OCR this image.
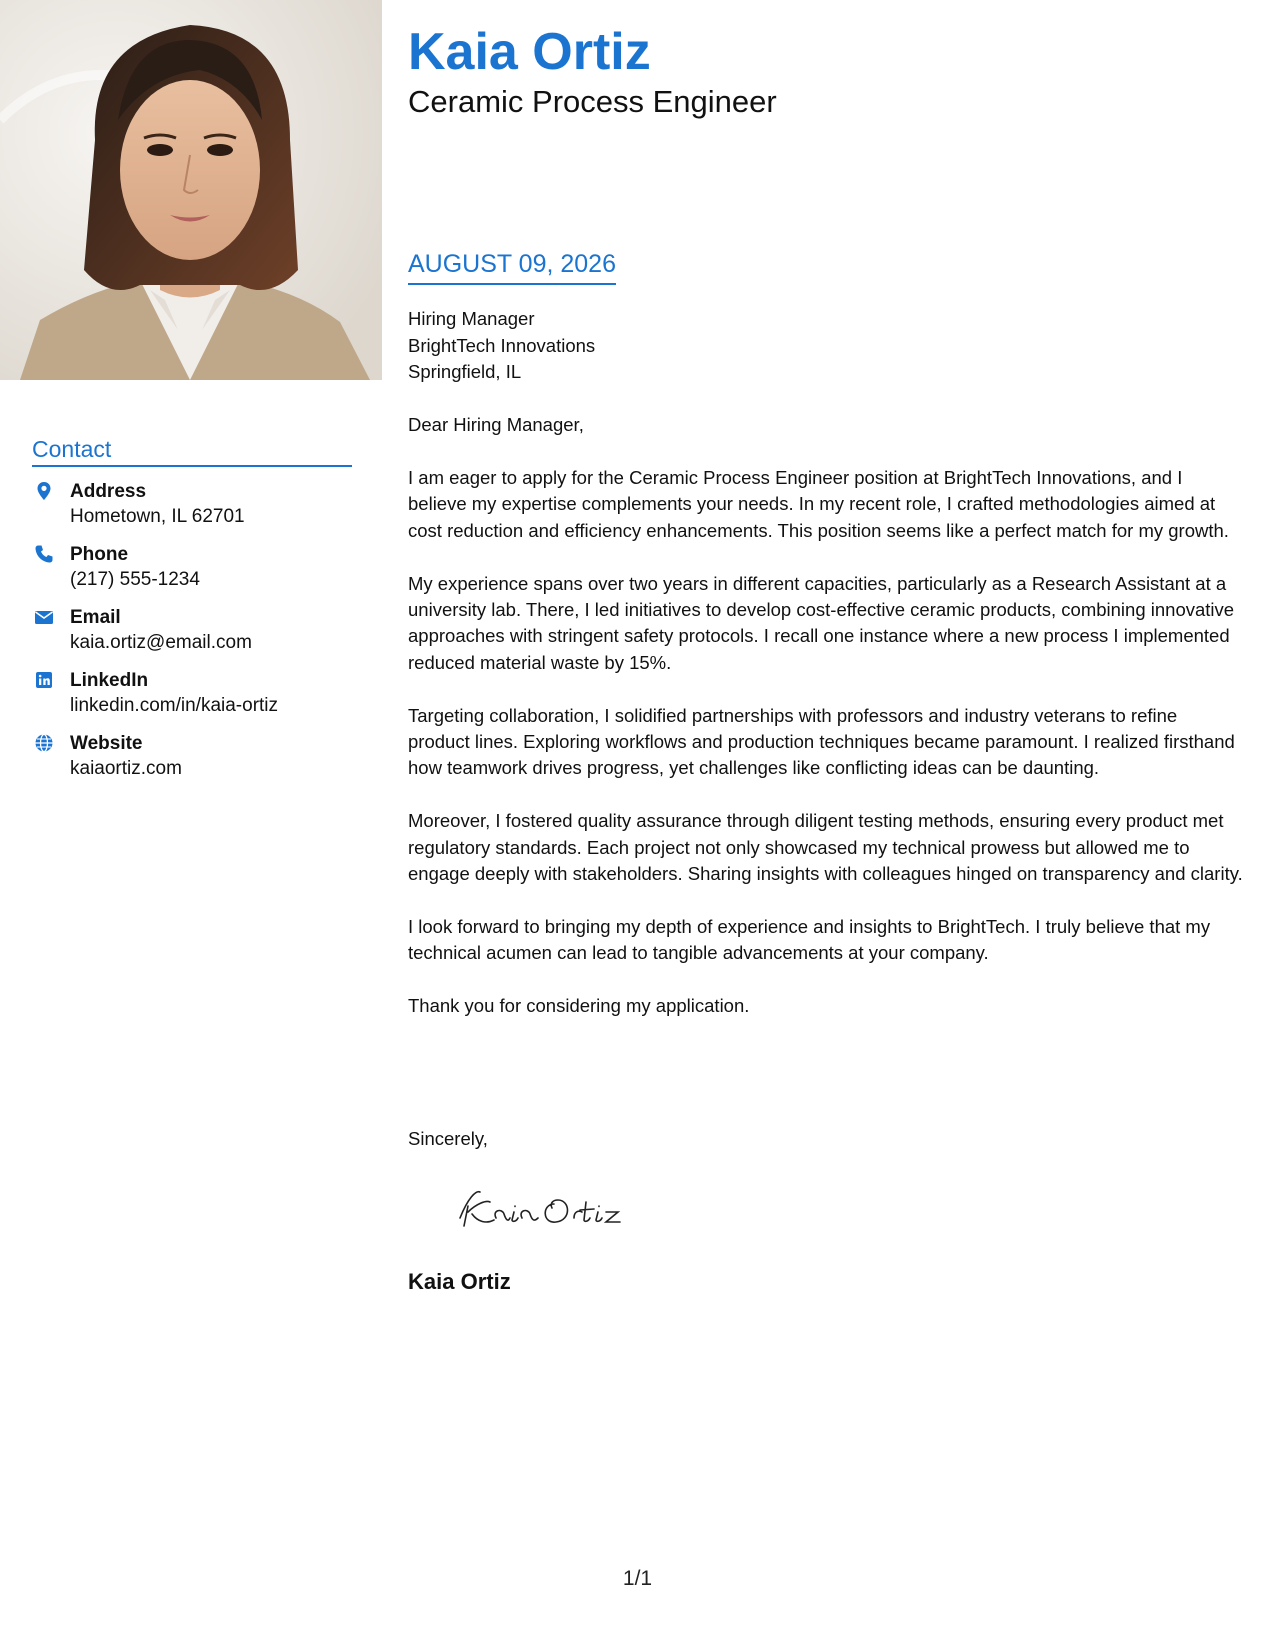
Contact
Address
Hometown, IL 62701
Phone
(217) 555-1234
Email
kaia.ortiz@email.com
LinkedIn
linkedin.com/in/kaia-ortiz
Website
kaiaortiz.com
Kaia Ortiz
Ceramic Process Engineer
AUGUST 09, 2026
Hiring Manager
BrightTech Innovations
Springfield, IL
Dear Hiring Manager,

I am eager to apply for the Ceramic Process Engineer position at BrightTech Innovations, and I believe my expertise complements your needs. In my recent role, I crafted methodologies aimed at cost reduction and efficiency enhancements. This position seems like a perfect match for my growth.

My experience spans over two years in different capacities, particularly as a Research Assistant at a university lab. There, I led initiatives to develop cost-effective ceramic products, combining innovative approaches with stringent safety protocols. I recall one instance where a new process I implemented reduced material waste by 15%.

Targeting collaboration, I solidified partnerships with professors and industry veterans to refine product lines. Exploring workflows and production techniques became paramount. I realized firsthand how teamwork drives progress, yet challenges like conflicting ideas can be daunting.

Moreover, I fostered quality assurance through diligent testing methods, ensuring every product met regulatory standards. Each project not only showcased my technical prowess but allowed me to engage deeply with stakeholders. Sharing insights with colleagues hinged on transparency and clarity.

I look forward to bringing my depth of experience and insights to BrightTech. I truly believe that my technical acumen can lead to tangible advancements at your company.

Thank you for considering my application.

Sincerely,
Kaia Ortiz
1/1
